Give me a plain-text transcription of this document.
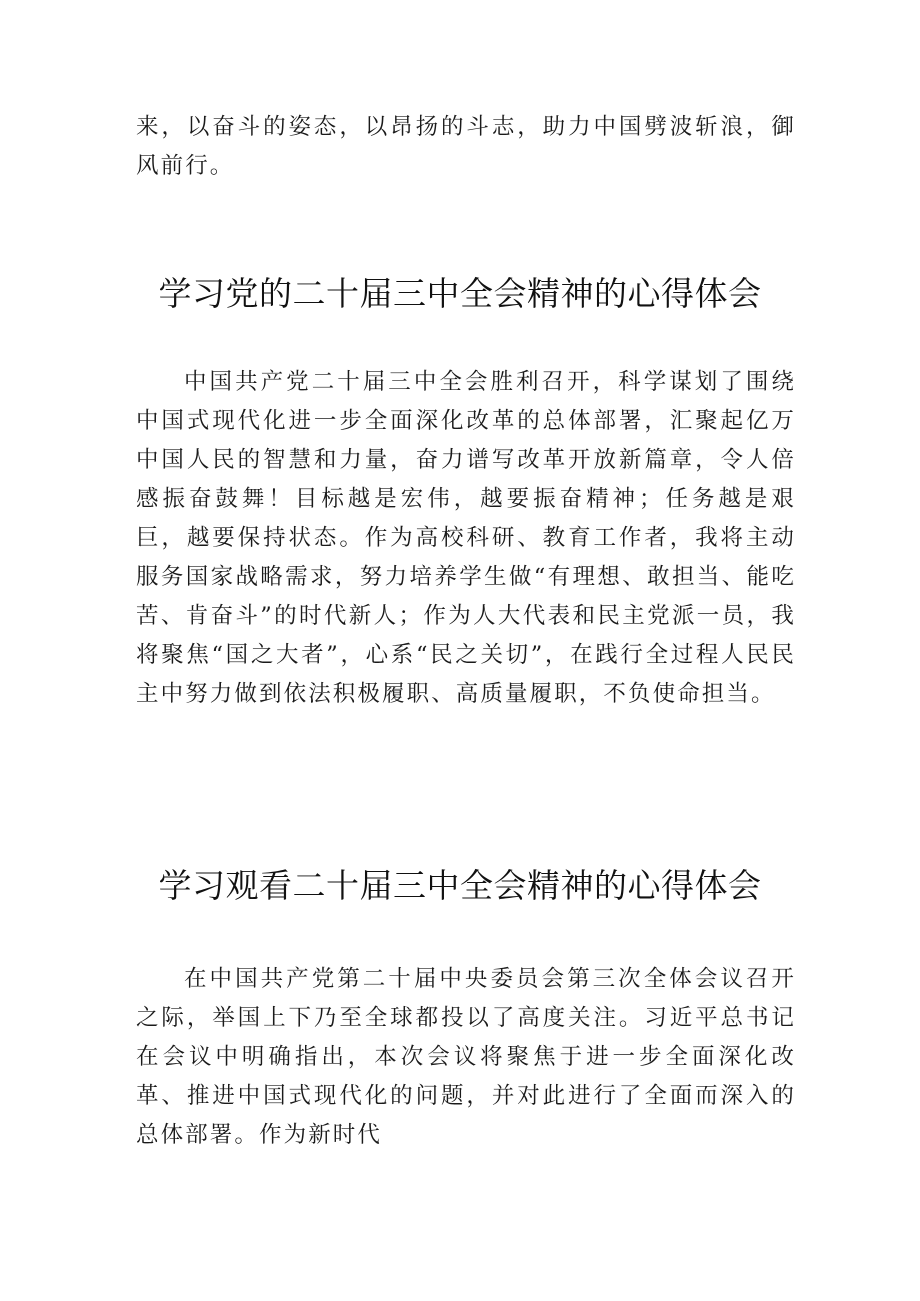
来，以奋斗的姿态，以昂扬的斗志，助力中国劈波斩浪，御风前行。

学习党的二十届三中全会精神的心得体会

中国共产党二十届三中全会胜利召开，科学谋划了围绕中国式现代化进一步全面深化改革的总体部署，汇聚起亿万中国人民的智慧和力量，奋力谱写改革开放新篇章，令人倍感振奋鼓舞！目标越是宏伟，越要振奋精神；任务越是艰巨，越要保持状态。作为高校科研、教育工作者，我将主动服务国家战略需求，努力培养学生做“有理想、敢担当、能吃苦、肯奋斗”的时代新人；作为人大代表和民主党派一员，我将聚焦“国之大者”，心系“民之关切”，在践行全过程人民民主中努力做到依法积极履职、高质量履职，不负使命担当。

学习观看二十届三中全会精神的心得体会

在中国共产党第二十届中央委员会第三次全体会议召开之际，举国上下乃至全球都投以了高度关注。习近平总书记在会议中明确指出，本次会议将聚焦于进一步全面深化改革、推进中国式现代化的问题，并对此进行了全面而深入的总体部署。作为新时代
